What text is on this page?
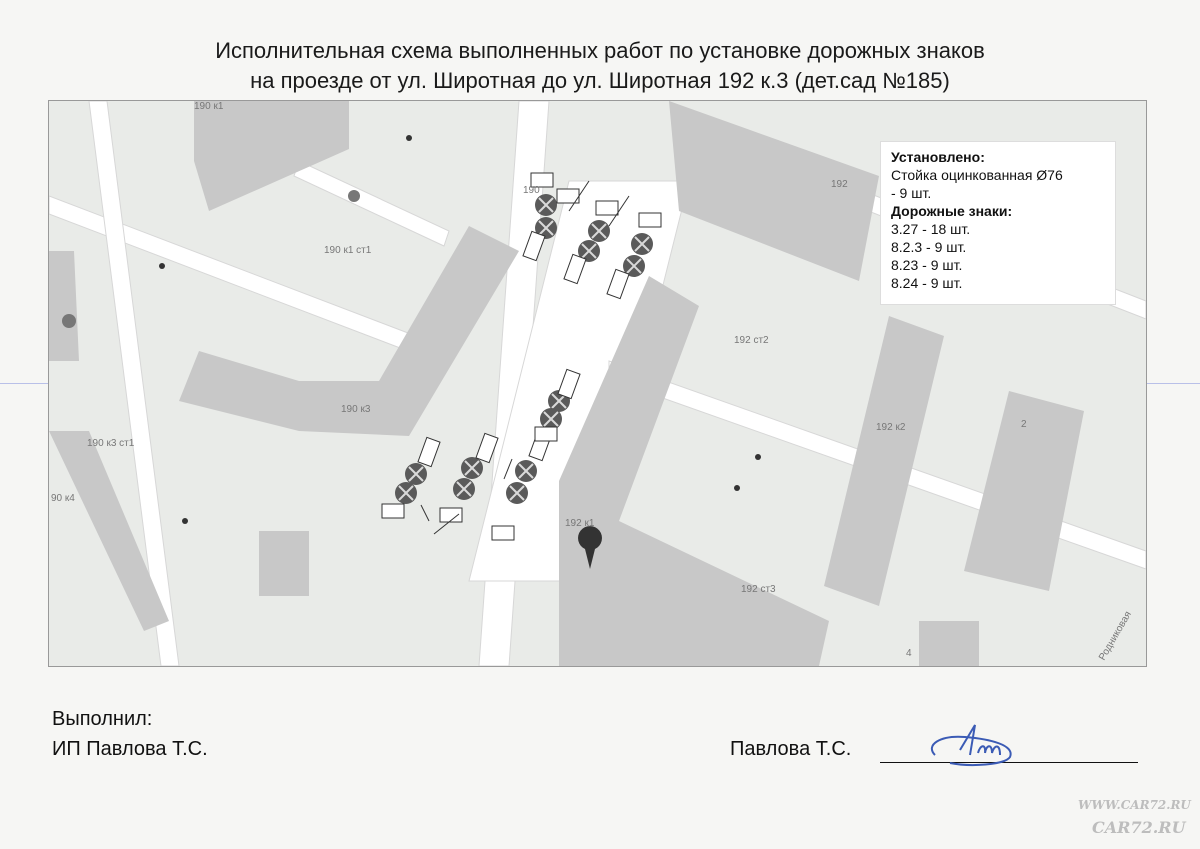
Исполнительная схема выполненных работ по установке дорожных знаков
на проезде от ул. Широтная до ул. Широтная 192 к.3 (дет.сад №185)
190 к1
190
190 к1 ст1
190 к3
190 к3 ст1
90 к4
192
192 ст2
192 к2
192 к1
192 ст3
2
4	Родниковая
Установлено:
Стойка оцинкованная Ø76
- 9 шт.
Дорожные знаки:
3.27 - 18 шт.
8.2.3 - 9 шт.
8.23 - 9 шт.
8.24 - 9 шт.
Выполнил:
ИП Павлова Т.С.	Павлова Т.С.
WWW.CAR72.RU
CAR72.RU
